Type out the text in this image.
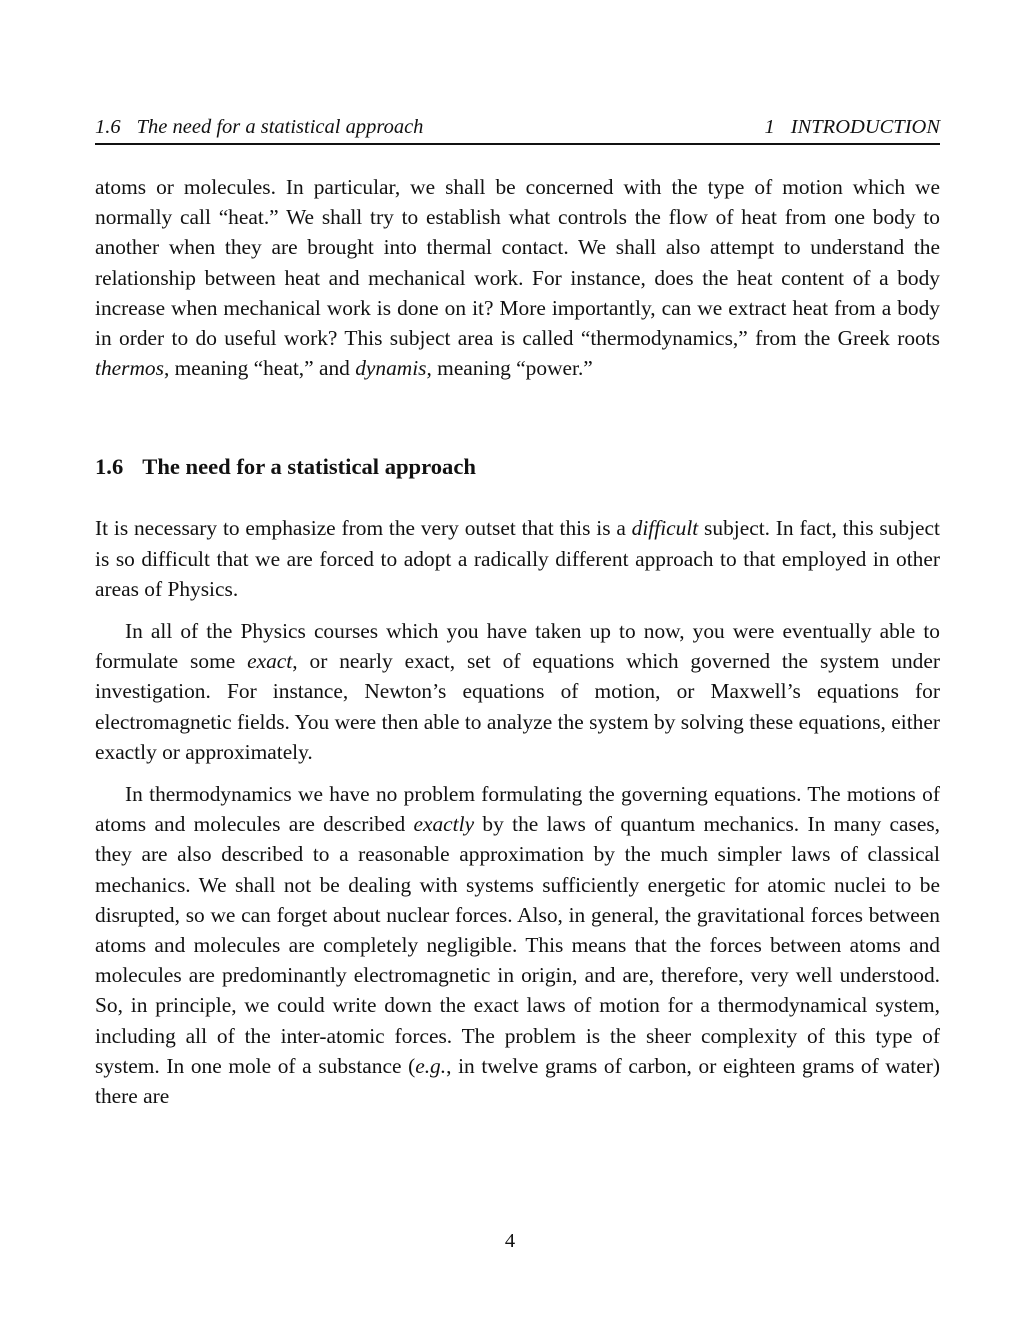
1.6 The need for a statistical approach	1 INTRODUCTION

atoms or molecules. In particular, we shall be concerned with the type of motion which we normally call “heat.” We shall try to establish what controls the flow of heat from one body to another when they are brought into thermal contact. We shall also attempt to understand the relationship between heat and mechanical work. For instance, does the heat content of a body increase when mechanical work is done on it? More importantly, can we extract heat from a body in order to do useful work? This subject area is called “thermodynamics,” from the Greek roots thermos, meaning “heat,” and dynamis, meaning “power.”

1.6 The need for a statistical approach

It is necessary to emphasize from the very outset that this is a difficult subject. In fact, this subject is so difficult that we are forced to adopt a radically different approach to that employed in other areas of Physics.

In all of the Physics courses which you have taken up to now, you were eventually able to formulate some exact, or nearly exact, set of equations which governed the system under investigation. For instance, Newton’s equations of motion, or Maxwell’s equations for electromagnetic fields. You were then able to analyze the system by solving these equations, either exactly or approximately.

In thermodynamics we have no problem formulating the governing equations. The motions of atoms and molecules are described exactly by the laws of quantum mechanics. In many cases, they are also described to a reasonable approximation by the much simpler laws of classical mechanics. We shall not be dealing with systems sufficiently energetic for atomic nuclei to be disrupted, so we can forget about nuclear forces. Also, in general, the gravitational forces between atoms and molecules are completely negligible. This means that the forces between atoms and molecules are predominantly electromagnetic in origin, and are, therefore, very well understood. So, in principle, we could write down the exact laws of motion for a thermodynamical system, including all of the inter-atomic forces. The problem is the sheer complexity of this type of system. In one mole of a substance (e.g., in twelve grams of carbon, or eighteen grams of water) there are

4
